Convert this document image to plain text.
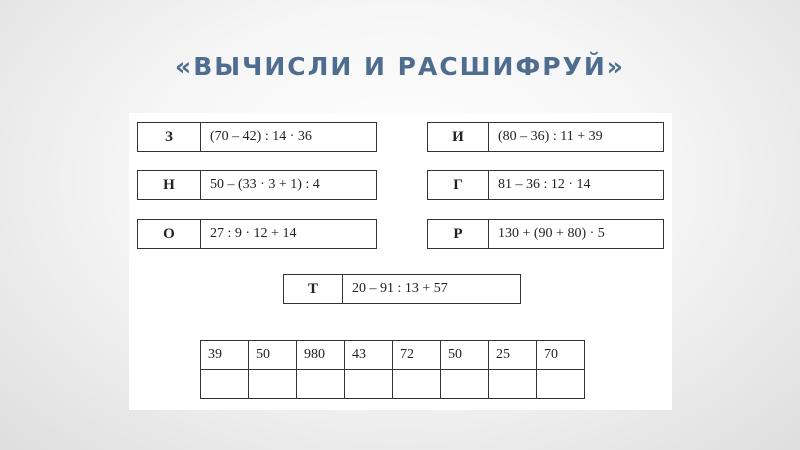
«ВЫЧИСЛИ И РАСШИФРУЙ»
З	(70 – 42) : 14 · 36	И	(80 – 36) : 11 + 39
Н	50 – (33 · 3 + 1) : 4	Г	81 – 36 : 12 · 14
О	27 : 9 · 12 + 14	Р	130 + (90 + 80) · 5
Т	20 – 91 : 13 + 57
39	50	980	43	72	50	25	70
